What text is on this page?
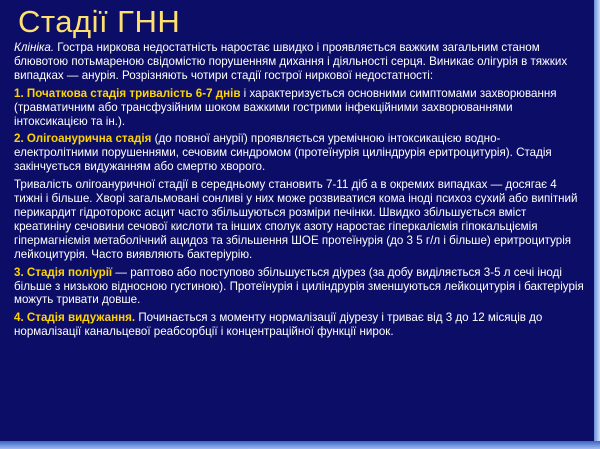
Стадії ГНН

Клініка. Гостра ниркова недостатність наростає швидко і проявляється важким загальним станом блювотою потьмареною свідомістю порушенням дихання і діяльності серця. Виникає олігурія в тяжких випадках — анурія. Розрізняють чотири стадії гострої ниркової недостатності:

1. Початкова стадія тривалість 6-7 днів і характеризується основними симптомами захворювання (травматичним або трансфузійним шоком важкими гострими інфекційними захворюваннями інтоксикацією та ін.).

2. Олігоанурична стадія (до повної анурії) проявляється уремічною інтоксикацією водно-електролітними порушеннями, сечовим синдромом (протеїнурія циліндрурія еритроцитурія). Стадія закінчується видужанням або смертю хворого.

Тривалість олігоануричної стадії в середньому становить 7-11 діб а в окремих випадках — досягає 4 тижні і більше. Хворі загальмовані сонливі у них може розвиватися кома іноді психоз сухий або випітний перикардит гідроторокс асцит часто збільшуються розміри печінки. Швидко збільшується вміст креатиніну сечовини сечової кислоти та інших сполук азоту наростає гіперкаліємія гіпокальціємія гіпермагніємія метаболічний ацидоз та збільшення ШОЕ протеїнурія (до 3 5 г/л і більше) еритроцитурія лейкоцитурія. Часто виявляють бактеріурію.

3. Стадія поліурії — раптово або поступово збільшується діурез (за добу виділяється 3-5 л сечі іноді більше з низькою відносною густиною). Протеїнурія і циліндрурія зменшуються лейкоцитурія і бактеріурія можуть тривати довше.

4. Стадія видужання. Починається з моменту нормалізації діурезу і триває від 3 до 12 місяців до нормалізації канальцевої реабсорбції і концентраційної функції нирок.
